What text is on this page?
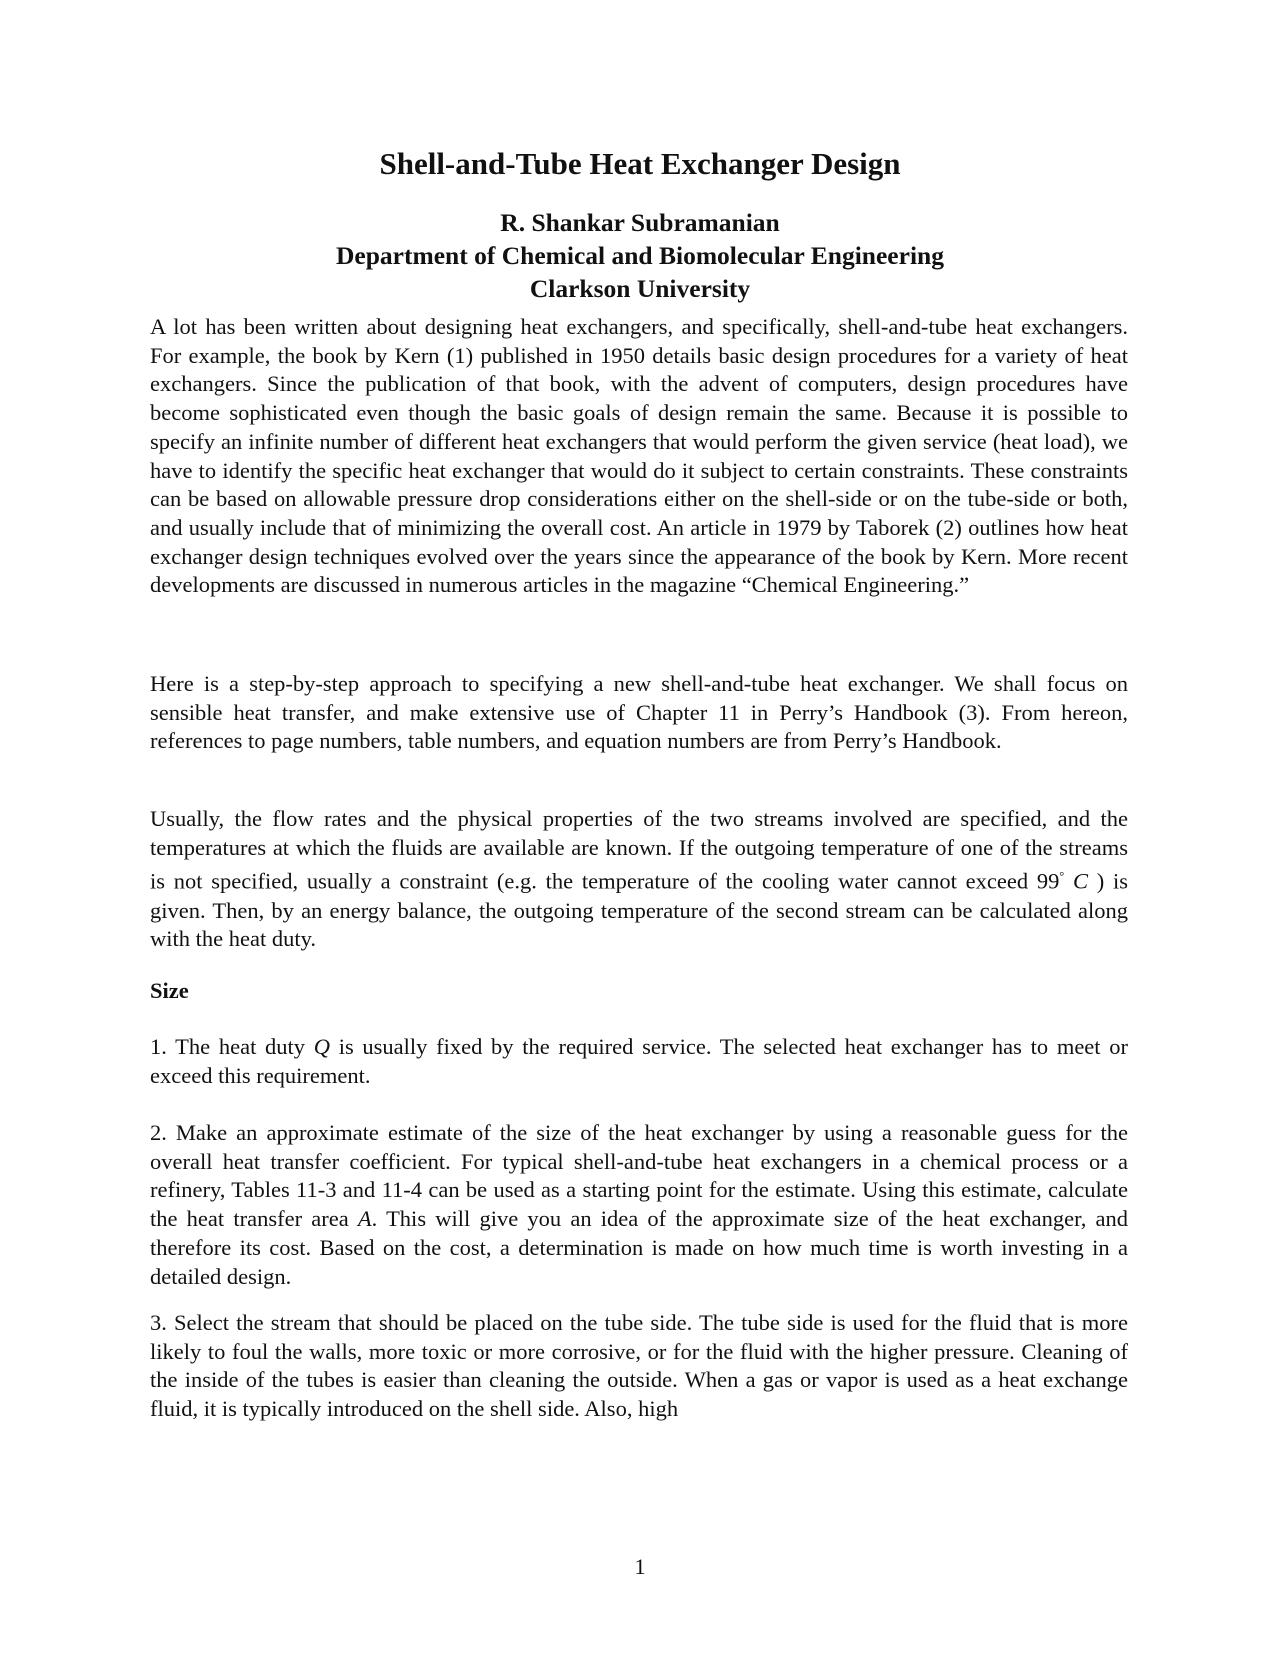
Shell-and-Tube Heat Exchanger Design
R. Shankar Subramanian
Department of Chemical and Biomolecular Engineering
Clarkson University

A lot has been written about designing heat exchangers, and specifically, shell-and-tube heat exchangers. For example, the book by Kern (1) published in 1950 details basic design procedures for a variety of heat exchangers. Since the publication of that book, with the advent of computers, design procedures have become sophisticated even though the basic goals of design remain the same. Because it is possible to specify an infinite number of different heat exchangers that would perform the given service (heat load), we have to identify the specific heat exchanger that would do it subject to certain constraints. These constraints can be based on allowable pressure drop considerations either on the shell-side or on the tube-side or both, and usually include that of minimizing the overall cost. An article in 1979 by Taborek (2) outlines how heat exchanger design techniques evolved over the years since the appearance of the book by Kern. More recent developments are discussed in numerous articles in the magazine “Chemical Engineering.”

Here is a step-by-step approach to specifying a new shell-and-tube heat exchanger. We shall focus on sensible heat transfer, and make extensive use of Chapter 11 in Perry’s Handbook (3). From hereon, references to page numbers, table numbers, and equation numbers are from Perry’s Handbook.

Usually, the flow rates and the physical properties of the two streams involved are specified, and the temperatures at which the fluids are available are known. If the outgoing temperature of one of the streams is not specified, usually a constraint (e.g. the temperature of the cooling water cannot exceed 99° C ) is given. Then, by an energy balance, the outgoing temperature of the second stream can be calculated along with the heat duty.

Size

1. The heat duty Q is usually fixed by the required service. The selected heat exchanger has to meet or exceed this requirement.

2. Make an approximate estimate of the size of the heat exchanger by using a reasonable guess for the overall heat transfer coefficient. For typical shell-and-tube heat exchangers in a chemical process or a refinery, Tables 11-3 and 11-4 can be used as a starting point for the estimate. Using this estimate, calculate the heat transfer area A. This will give you an idea of the approximate size of the heat exchanger, and therefore its cost. Based on the cost, a determination is made on how much time is worth investing in a detailed design.

3. Select the stream that should be placed on the tube side. The tube side is used for the fluid that is more likely to foul the walls, more toxic or more corrosive, or for the fluid with the higher pressure. Cleaning of the inside of the tubes is easier than cleaning the outside. When a gas or vapor is used as a heat exchange fluid, it is typically introduced on the shell side. Also, high

1
